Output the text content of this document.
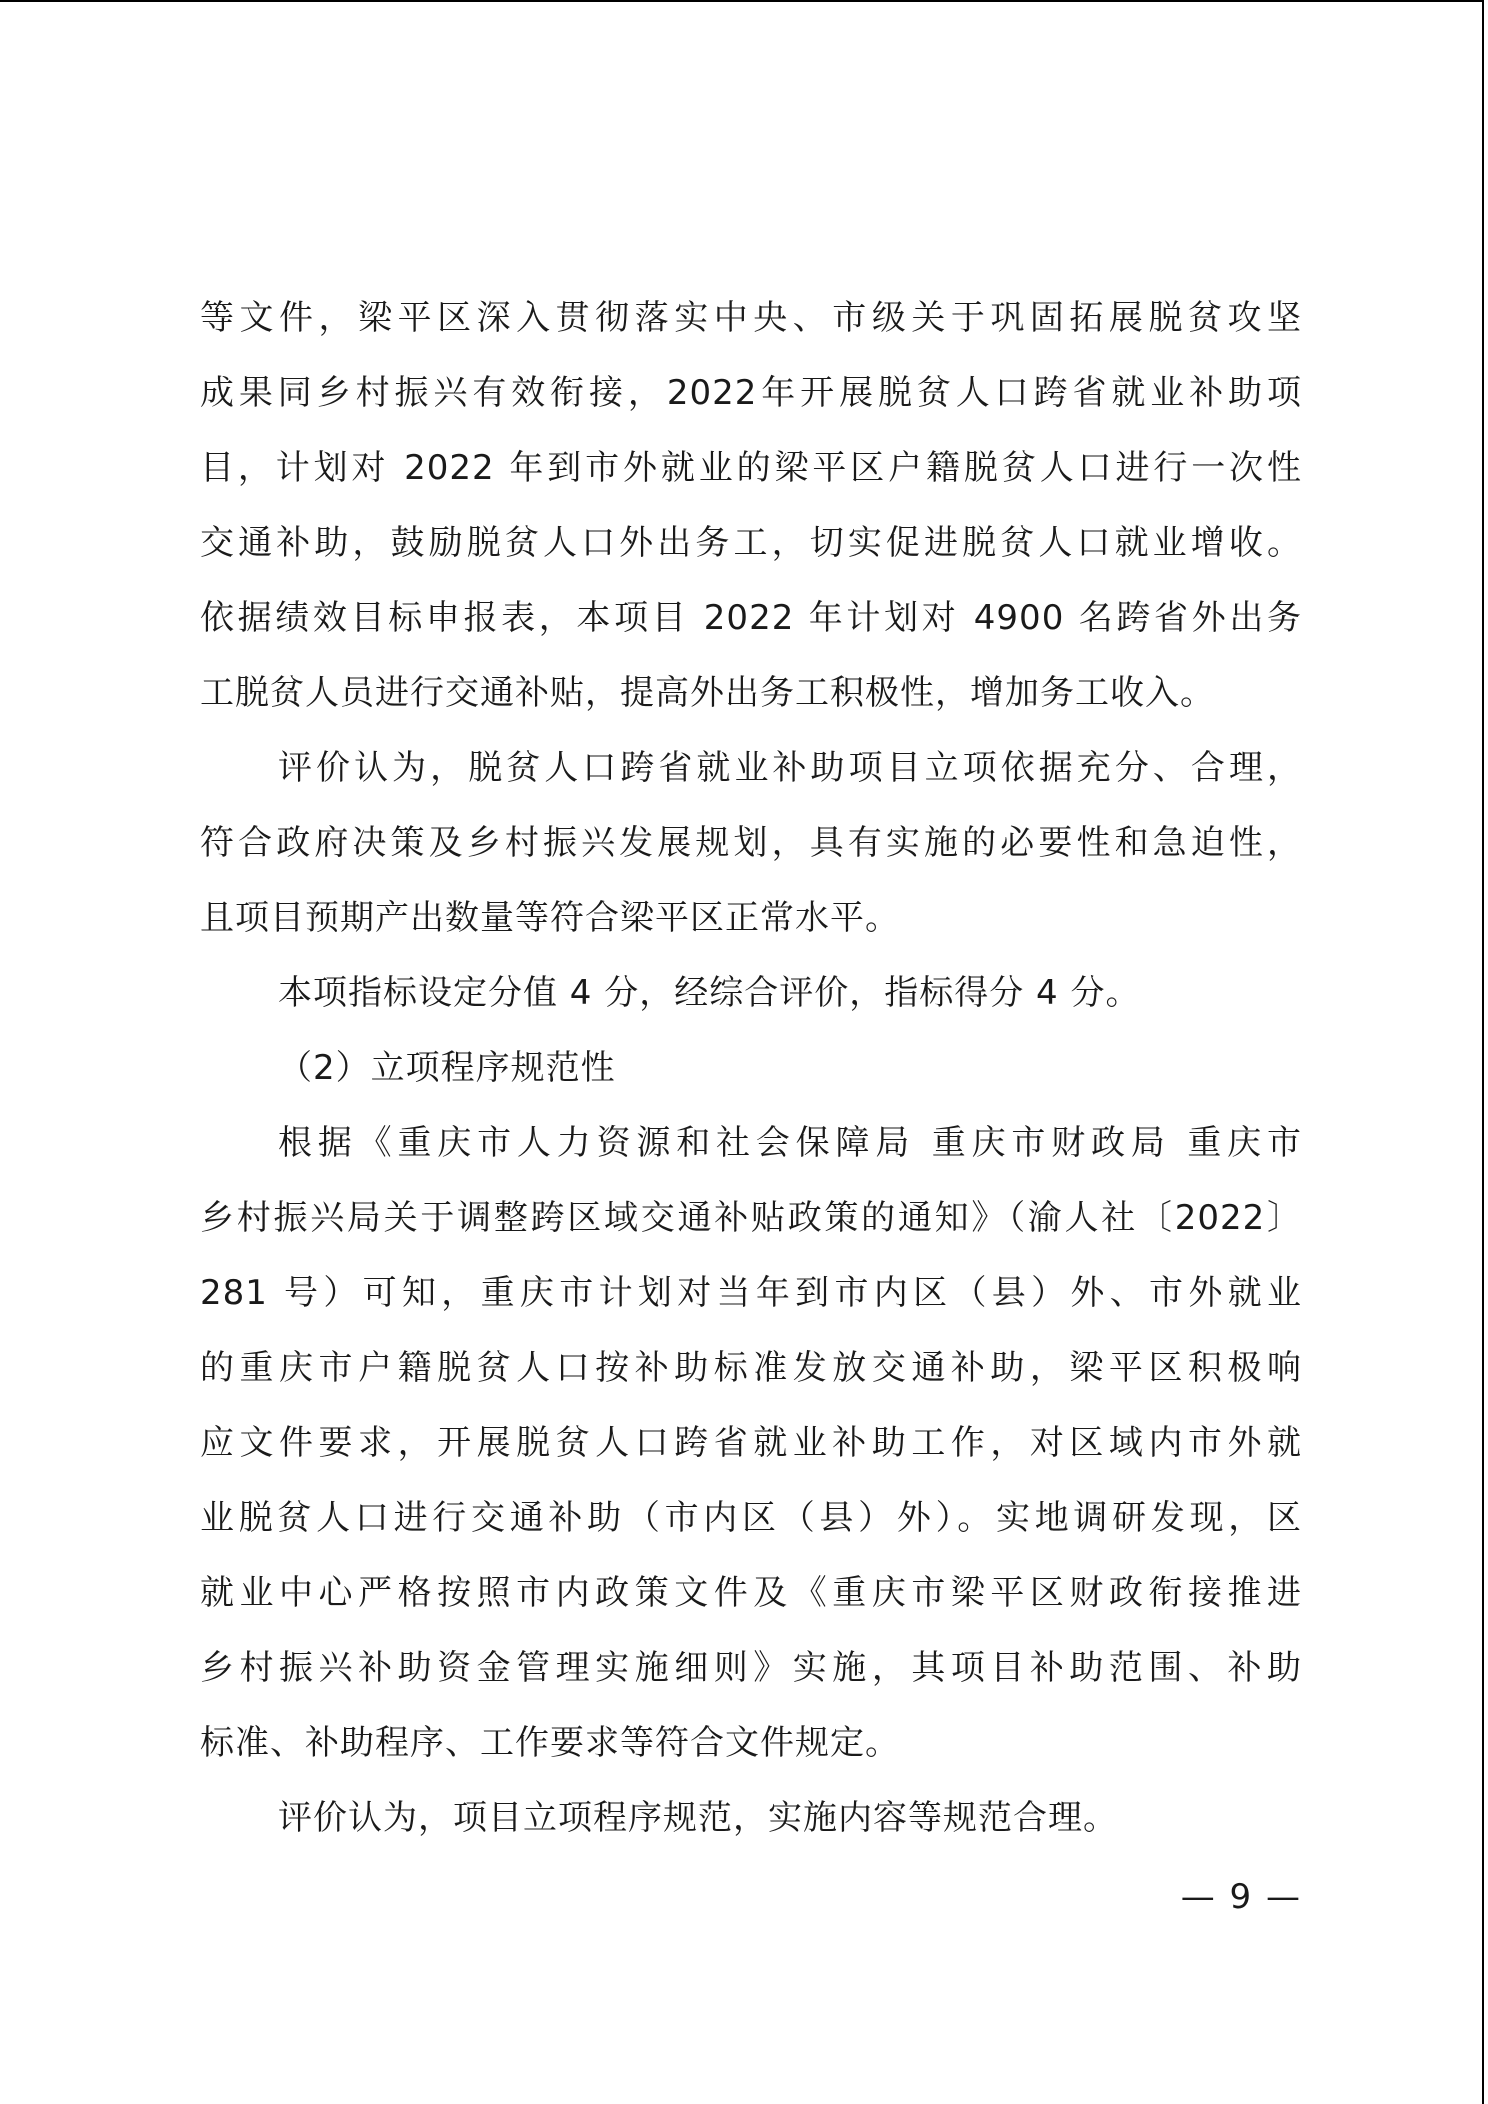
等文件，梁平区深入贯彻落实中央、市级关于巩固拓展脱贫攻坚
成果同乡村振兴有效衔接，2022年开展脱贫人口跨省就业补助项
目，计划对 2022 年到市外就业的梁平区户籍脱贫人口进行一次性
交通补助，鼓励脱贫人口外出务工，切实促进脱贫人口就业增收。
依据绩效目标申报表，本项目 2022 年计划对 4900 名跨省外出务
工脱贫人员进行交通补贴，提高外出务工积极性，增加务工收入。
评价认为，脱贫人口跨省就业补助项目立项依据充分、合理，
符合政府决策及乡村振兴发展规划，具有实施的必要性和急迫性，
且项目预期产出数量等符合梁平区正常水平。
本项指标设定分值 4 分，经综合评价，指标得分 4 分。
（2）立项程序规范性
根据《重庆市人力资源和社会保障局 重庆市财政局 重庆市
乡村振兴局关于调整跨区域交通补贴政策的通知》（渝人社〔2022〕
281 号）可知，重庆市计划对当年到市内区（县）外、市外就业
的重庆市户籍脱贫人口按补助标准发放交通补助，梁平区积极响
应文件要求，开展脱贫人口跨省就业补助工作，对区域内市外就
业脱贫人口进行交通补助（市内区（县）外）。实地调研发现，区
就业中心严格按照市内政策文件及《重庆市梁平区财政衔接推进
乡村振兴补助资金管理实施细则》实施，其项目补助范围、补助
标准、补助程序、工作要求等符合文件规定。
评价认为，项目立项程序规范，实施内容等规范合理。
— 9 —
